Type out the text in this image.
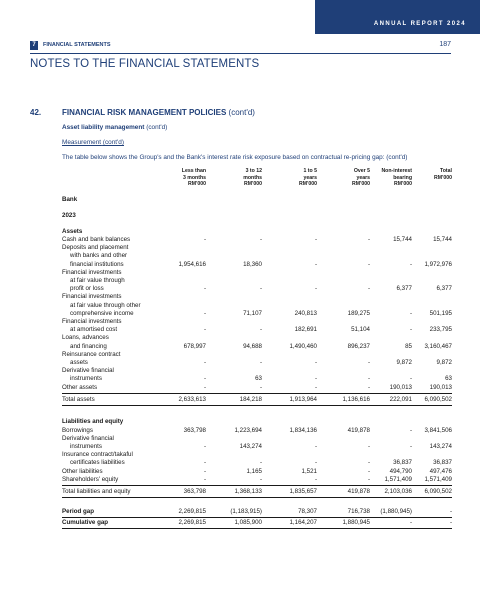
ANNUAL REPORT 2024
7	FINANCIAL STATEMENTS	187
NOTES TO THE FINANCIAL STATEMENTS
42.	FINANCIAL RISK MANAGEMENT POLICIES (cont'd)
Asset liability management (cont'd)
Measurement (cont'd)
The table below shows the Group's and the Bank's interest rate risk exposure based on contractual re-pricing gap: (cont'd)
Less than
3 months
RM'000
3 to 12
months
RM'000
1 to 5
years
RM'000
Over 5
years
RM'000
Non-interest
bearing
RM'000
Total
RM'000
Bank
2023
Assets
Cash and bank balances	-	-	-	-	15,744	15,744
Deposits and placement
with banks and other
financial institutions	1,954,616	18,360	-	-	-	1,972,976
Financial investments
at fair value through
profit or loss	-	-	-	-	6,377	6,377
Financial investments
at fair value through other
comprehensive income	-	71,107	240,813	189,275	-	501,195
Financial investments
at amortised cost	-	-	182,691	51,104	-	233,795
Loans, advances
and financing	678,997	94,688	1,490,460	896,237	85	3,160,467
Reinsurance contract
assets	-	-	-	-	9,872	9,872
Derivative financial
instruments	-	63	-	-	-	63
Other assets	-	-	-	-	190,013	190,013
Total assets	2,633,613	184,218	1,913,964	1,136,616	222,091	6,090,502
Liabilities and equity
Borrowings	363,798	1,223,694	1,834,136	419,878	-	3,841,506
Derivative financial
instruments	-	143,274	-	-	-	143,274
Insurance contract/takaful
certificates liabilities	-	-	-	-	36,837	36,837
Other liabilities	-	1,165	1,521	-	494,790	497,476
Shareholders' equity	-	-	-	-	1,571,409	1,571,409
Total liabilities and equity	363,798	1,368,133	1,835,657	419,878	2,103,036	6,090,502
Period gap	2,269,815	(1,183,915)	78,307	716,738	(1,880,945)	-
Cumulative gap	2,269,815	1,085,900	1,164,207	1,880,945	-	-
